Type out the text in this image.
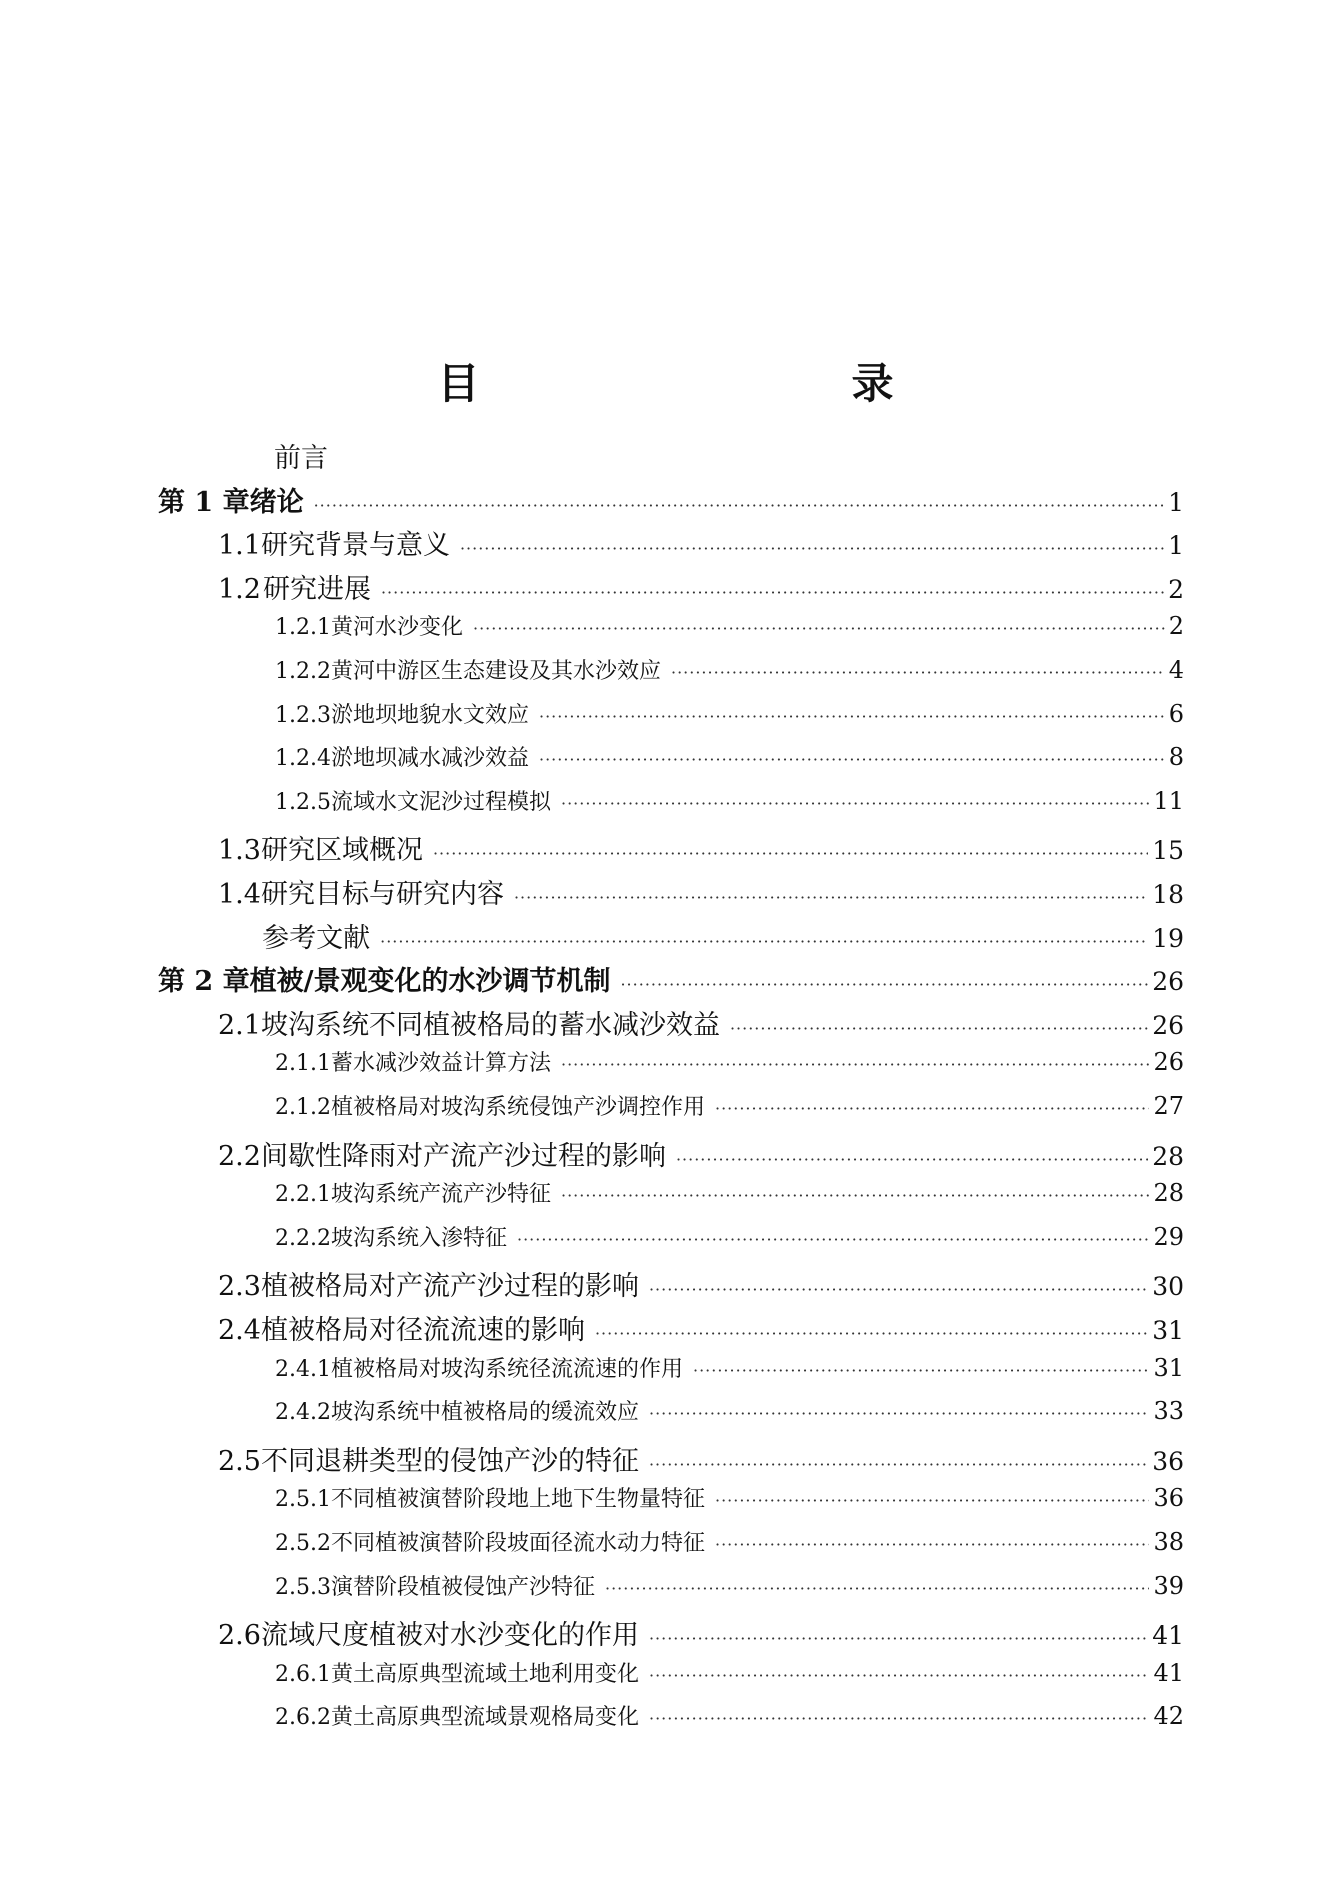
目　　录
前言
第 1 章 绪论 ·····	1
1.1 研究背景与意义 ·····	1
1.2 研究进展 ·····	2
1.2.1 黄河水沙变化 ·····	2
1.2.2 黄河中游区生态建设及其水沙效应 ·····	4
1.2.3 淤地坝地貌水文效应 ·····	6
1.2.4 淤地坝减水减沙效益 ·····	8
1.2.5 流域水文泥沙过程模拟 ·····	11
1.3 研究区域概况 ·····	15
1.4 研究目标与研究内容 ·····	18
参考文献 ·····	19
第 2 章 植被/景观变化的水沙调节机制 ·····	26
2.1 坡沟系统不同植被格局的蓄水减沙效益 ·····	26
2.1.1 蓄水减沙效益计算方法 ·····	26
2.1.2 植被格局对坡沟系统侵蚀产沙调控作用 ·····	27
2.2 间歇性降雨对产流产沙过程的影响 ·····	28
2.2.1 坡沟系统产流产沙特征 ·····	28
2.2.2 坡沟系统入渗特征 ·····	29
2.3 植被格局对产流产沙过程的影响 ·····	30
2.4 植被格局对径流流速的影响 ·····	31
2.4.1 植被格局对坡沟系统径流流速的作用 ·····	31
2.4.2 坡沟系统中植被格局的缓流效应 ·····	33
2.5 不同退耕类型的侵蚀产沙的特征 ·····	36
2.5.1 不同植被演替阶段地上地下生物量特征 ·····	36
2.5.2 不同植被演替阶段坡面径流水动力特征 ·····	38
2.5.3 演替阶段植被侵蚀产沙特征 ·····	39
2.6 流域尺度植被对水沙变化的作用 ·····	41
2.6.1 黄土高原典型流域土地利用变化 ·····	41
2.6.2 黄土高原典型流域景观格局变化 ·····	42
